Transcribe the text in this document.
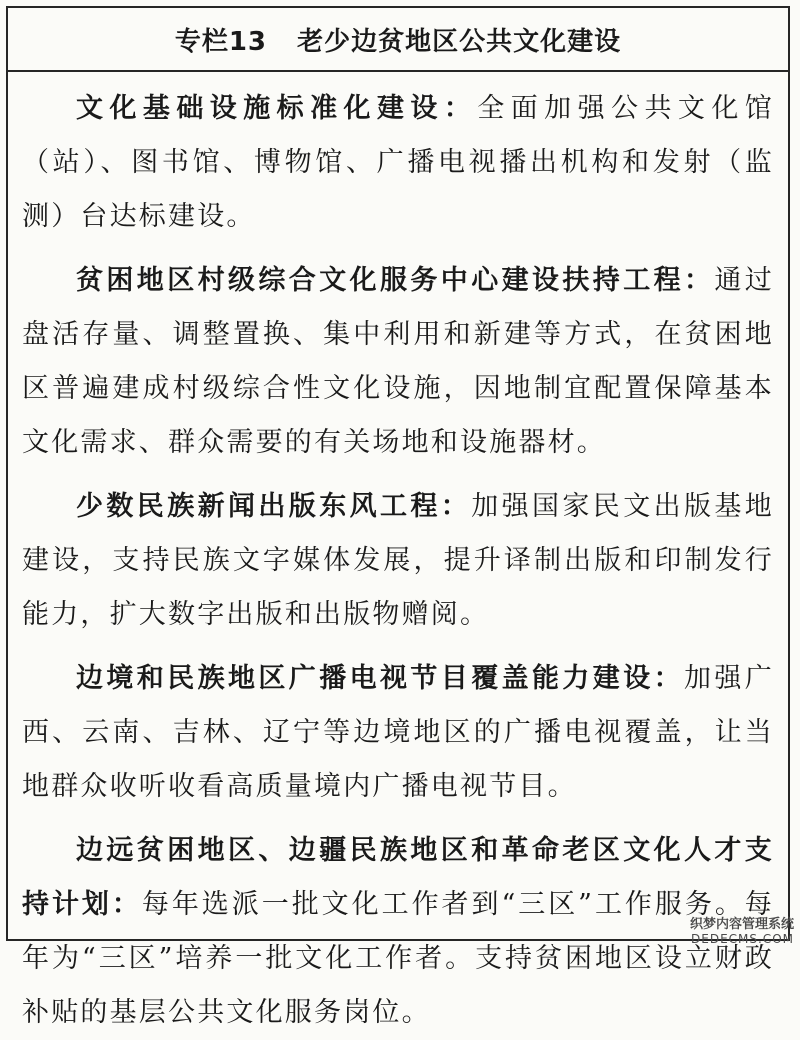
专栏13   老少边贫地区公共文化建设

文化基础设施标准化建设：全面加强公共文化馆（站）、图书馆、博物馆、广播电视播出机构和发射（监测）台达标建设。

贫困地区村级综合文化服务中心建设扶持工程：通过盘活存量、调整置换、集中利用和新建等方式，在贫困地区普遍建成村级综合性文化设施，因地制宜配置保障基本文化需求、群众需要的有关场地和设施器材。

少数民族新闻出版东风工程：加强国家民文出版基地建设，支持民族文字媒体发展，提升译制出版和印制发行能力，扩大数字出版和出版物赠阅。

边境和民族地区广播电视节目覆盖能力建设：加强广西、云南、吉林、辽宁等边境地区的广播电视覆盖，让当地群众收听收看高质量境内广播电视节目。

边远贫困地区、边疆民族地区和革命老区文化人才支持计划：每年选派一批文化工作者到“三区”工作服务。每年为“三区”培养一批文化工作者。支持贫困地区设立财政补贴的基层公共文化服务岗位。

织梦内容管理系统
DEDECMS.COM
